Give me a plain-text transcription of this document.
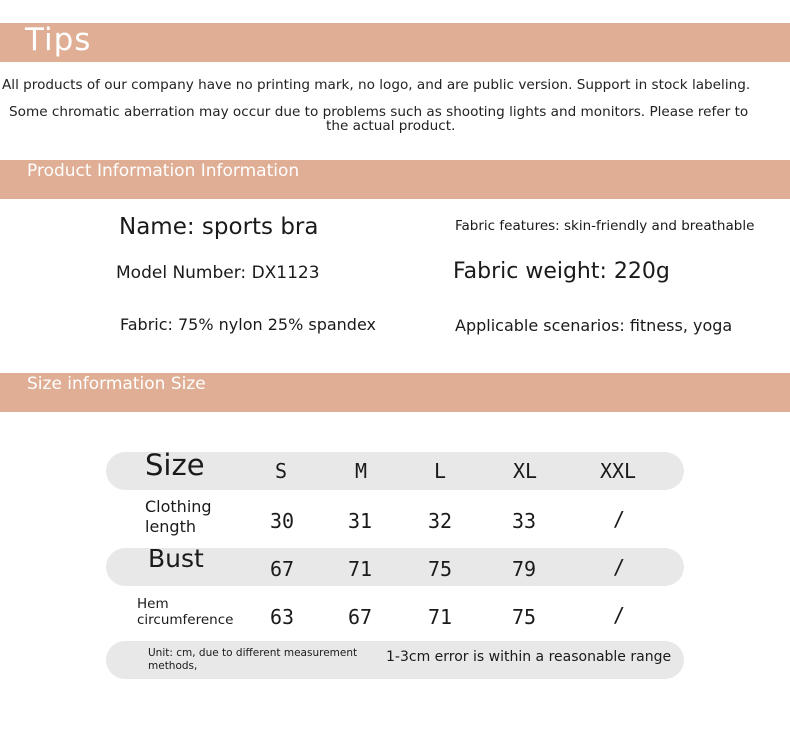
Tips
All products of our company have no printing mark, no logo, and are public version. Support in stock labeling.
Some chromatic aberration may occur due to problems such as shooting lights and monitors. Please refer to
the actual product.
Product Information Information
Name: sports bra
Model Number: DX1123
Fabric: 75% nylon 25% spandex
Fabric features: skin-friendly and breathable
Fabric weight: 220g
Applicable scenarios: fitness, yoga
Size information Size
Size	S	M	L	XL	XXL
Clothing
length	30	31	32	33	/
Bust	67	71	75	79	/
Hem
circumference 63	67	71	75	/
Unit: cm, due to different measurement
methods,
1-3cm error is within a reasonable range
